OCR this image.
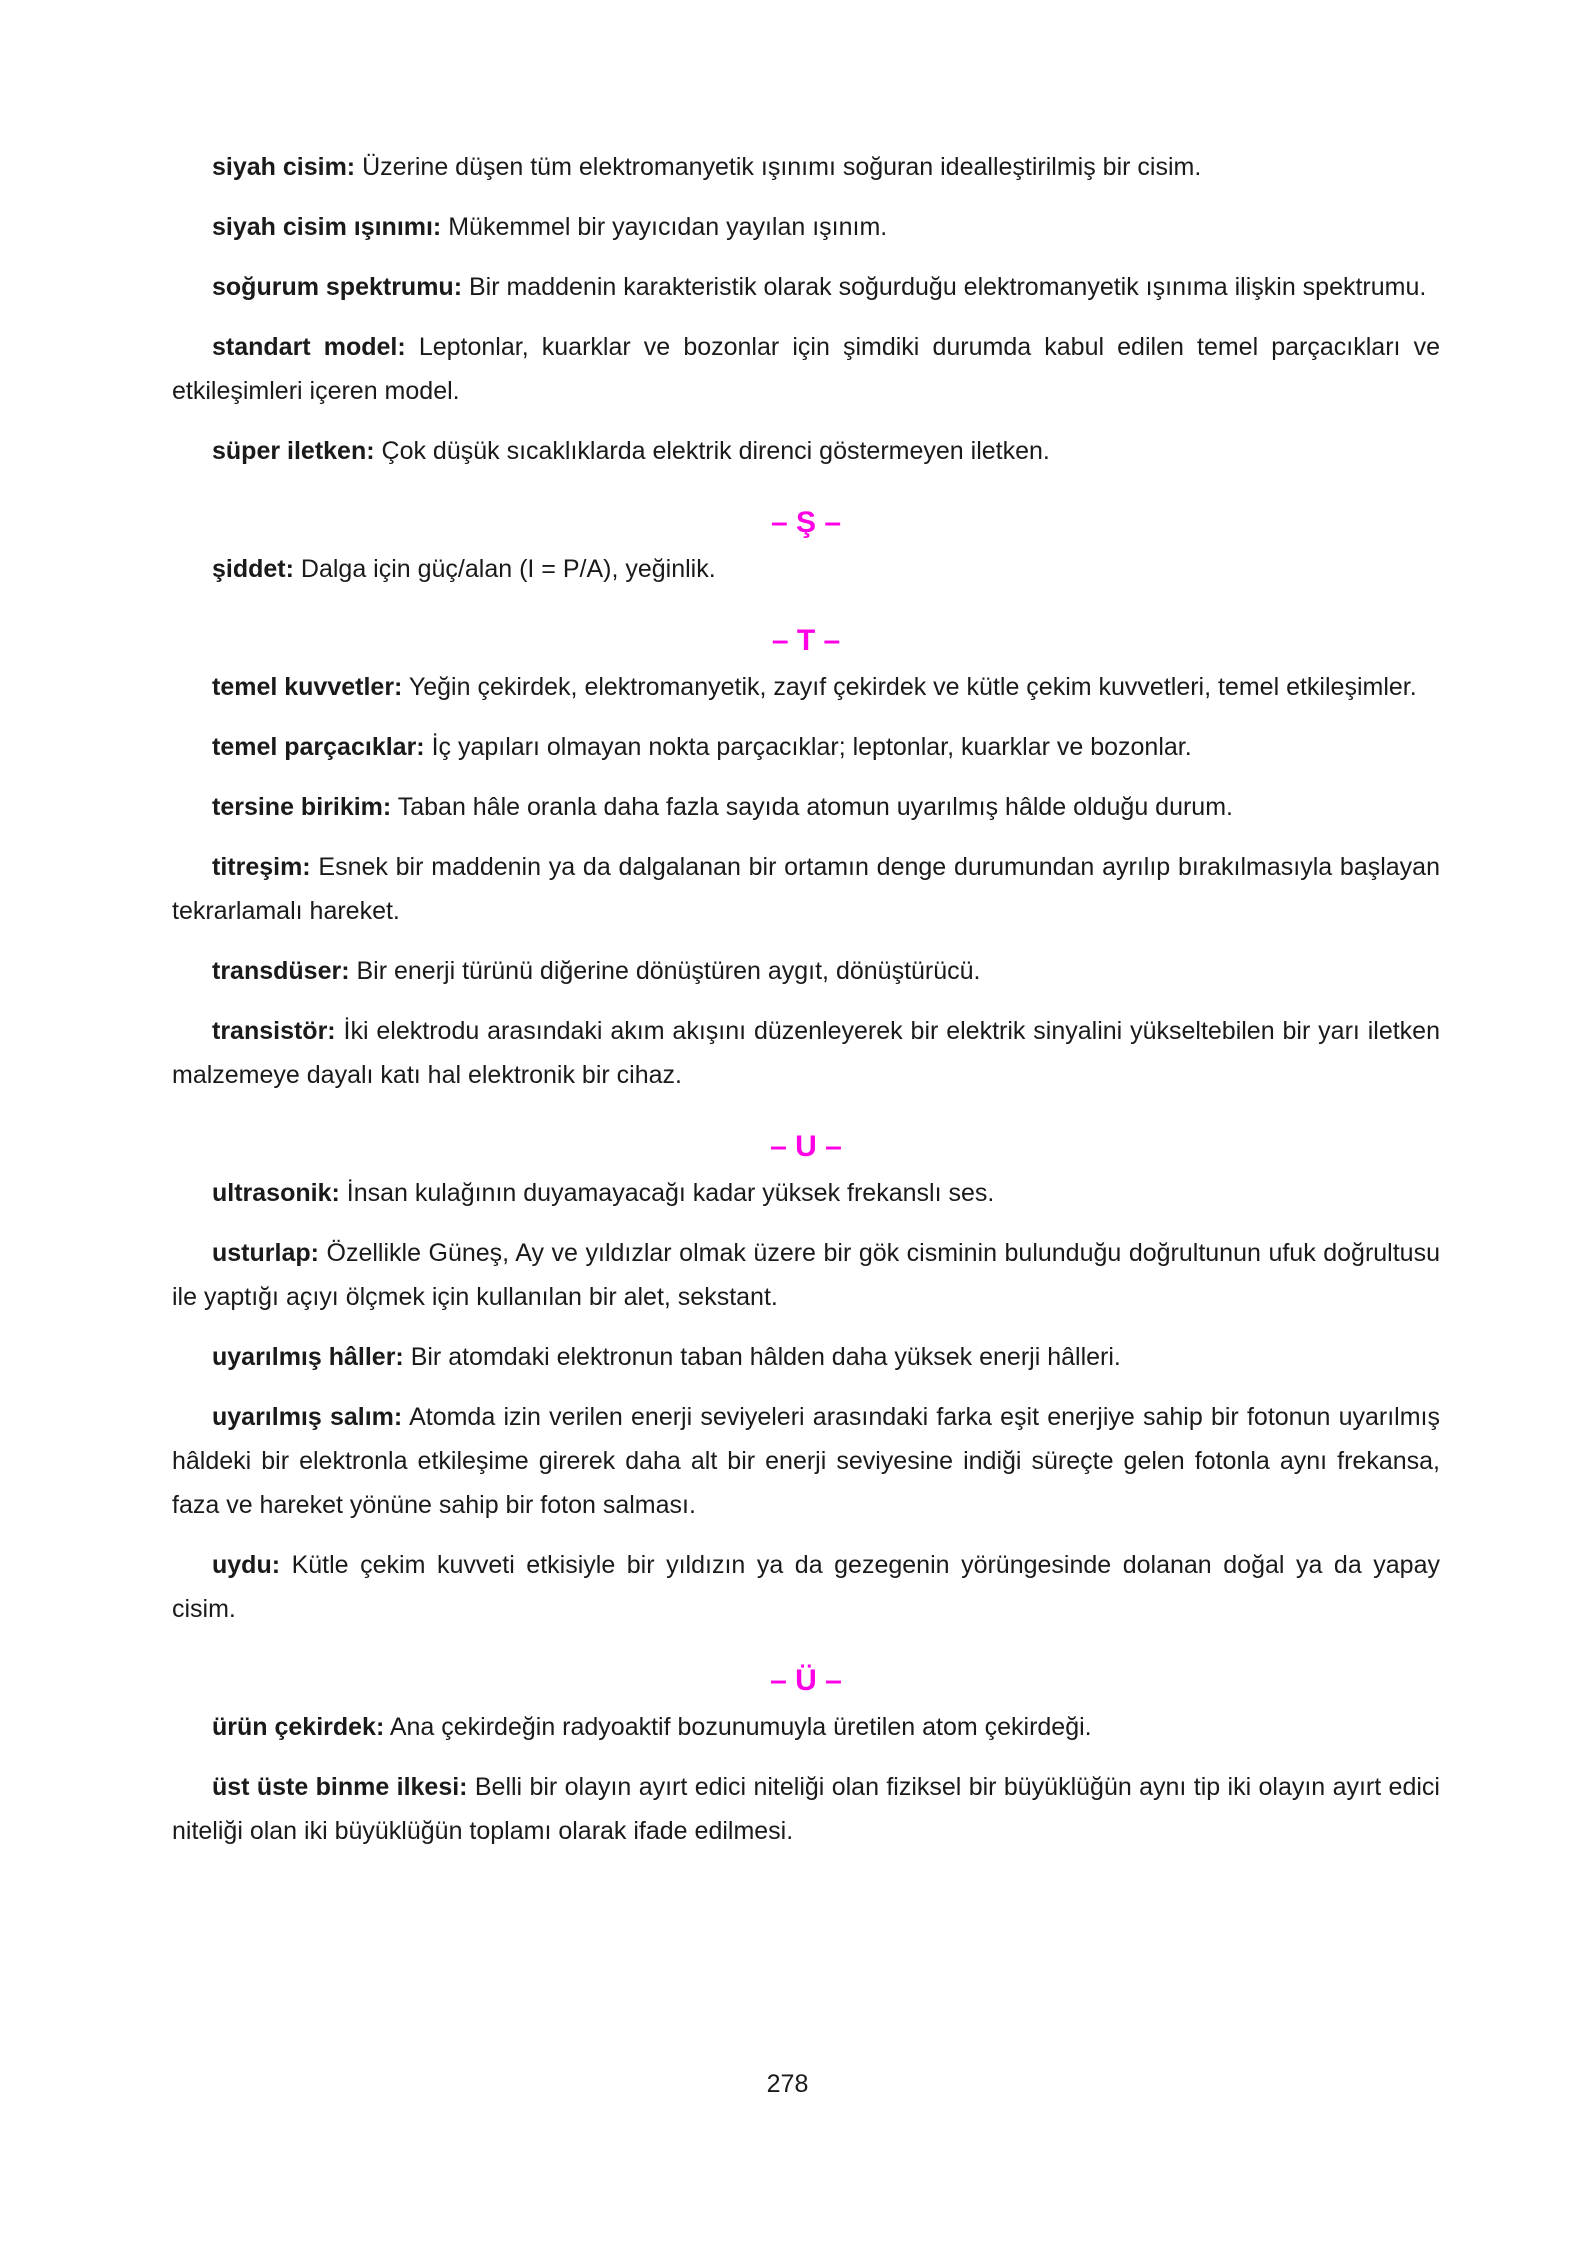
siyah cisim: Üzerine düşen tüm elektromanyetik ışınımı soğuran idealleştirilmiş bir cisim.

siyah cisim ışınımı: Mükemmel bir yayıcıdan yayılan ışınım.

soğurum spektrumu: Bir maddenin karakteristik olarak soğurduğu elektromanyetik ışınıma ilişkin spektrumu.

standart model: Leptonlar, kuarklar ve bozonlar için şimdiki durumda kabul edilen temel parçacıkları ve etkileşimleri içeren model.

süper iletken: Çok düşük sıcaklıklarda elektrik direnci göstermeyen iletken.

– Ş –

şiddet: Dalga için güç/alan (I = P/A), yeğinlik.

– T –

temel kuvvetler: Yeğin çekirdek, elektromanyetik, zayıf çekirdek ve kütle çekim kuvvetleri, temel etkileşimler.

temel parçacıklar: İç yapıları olmayan nokta parçacıklar; leptonlar, kuarklar ve bozonlar.

tersine birikim: Taban hâle oranla daha fazla sayıda atomun uyarılmış hâlde olduğu durum.

titreşim: Esnek bir maddenin ya da dalgalanan bir ortamın denge durumundan ayrılıp bırakılmasıyla başlayan tekrarlamalı hareket.

transdüser: Bir enerji türünü diğerine dönüştüren aygıt, dönüştürücü.

transistör: İki elektrodu arasındaki akım akışını düzenleyerek bir elektrik sinyalini yükseltebilen bir yarı iletken malzemeye dayalı katı hal elektronik bir cihaz.

– U –

ultrasonik: İnsan kulağının duyamayacağı kadar yüksek frekanslı ses.

usturlap: Özellikle Güneş, Ay ve yıldızlar olmak üzere bir gök cisminin bulunduğu doğrultunun ufuk doğrultusu ile yaptığı açıyı ölçmek için kullanılan bir alet, sekstant.

uyarılmış hâller: Bir atomdaki elektronun taban hâlden daha yüksek enerji hâlleri.

uyarılmış salım: Atomda izin verilen enerji seviyeleri arasındaki farka eşit enerjiye sahip bir fotonun uyarılmış hâldeki bir elektronla etkileşime girerek daha alt bir enerji seviyesine indiği süreçte gelen fotonla aynı frekansa, faza ve hareket yönüne sahip bir foton salması.

uydu: Kütle çekim kuvveti etkisiyle bir yıldızın ya da gezegenin yörüngesinde dolanan doğal ya da yapay cisim.

– Ü –

ürün çekirdek: Ana çekirdeğin radyoaktif bozunumuyla üretilen atom çekirdeği.

üst üste binme ilkesi: Belli bir olayın ayırt edici niteliği olan fiziksel bir büyüklüğün aynı tip iki olayın ayırt edici niteliği olan iki büyüklüğün toplamı olarak ifade edilmesi.

278
